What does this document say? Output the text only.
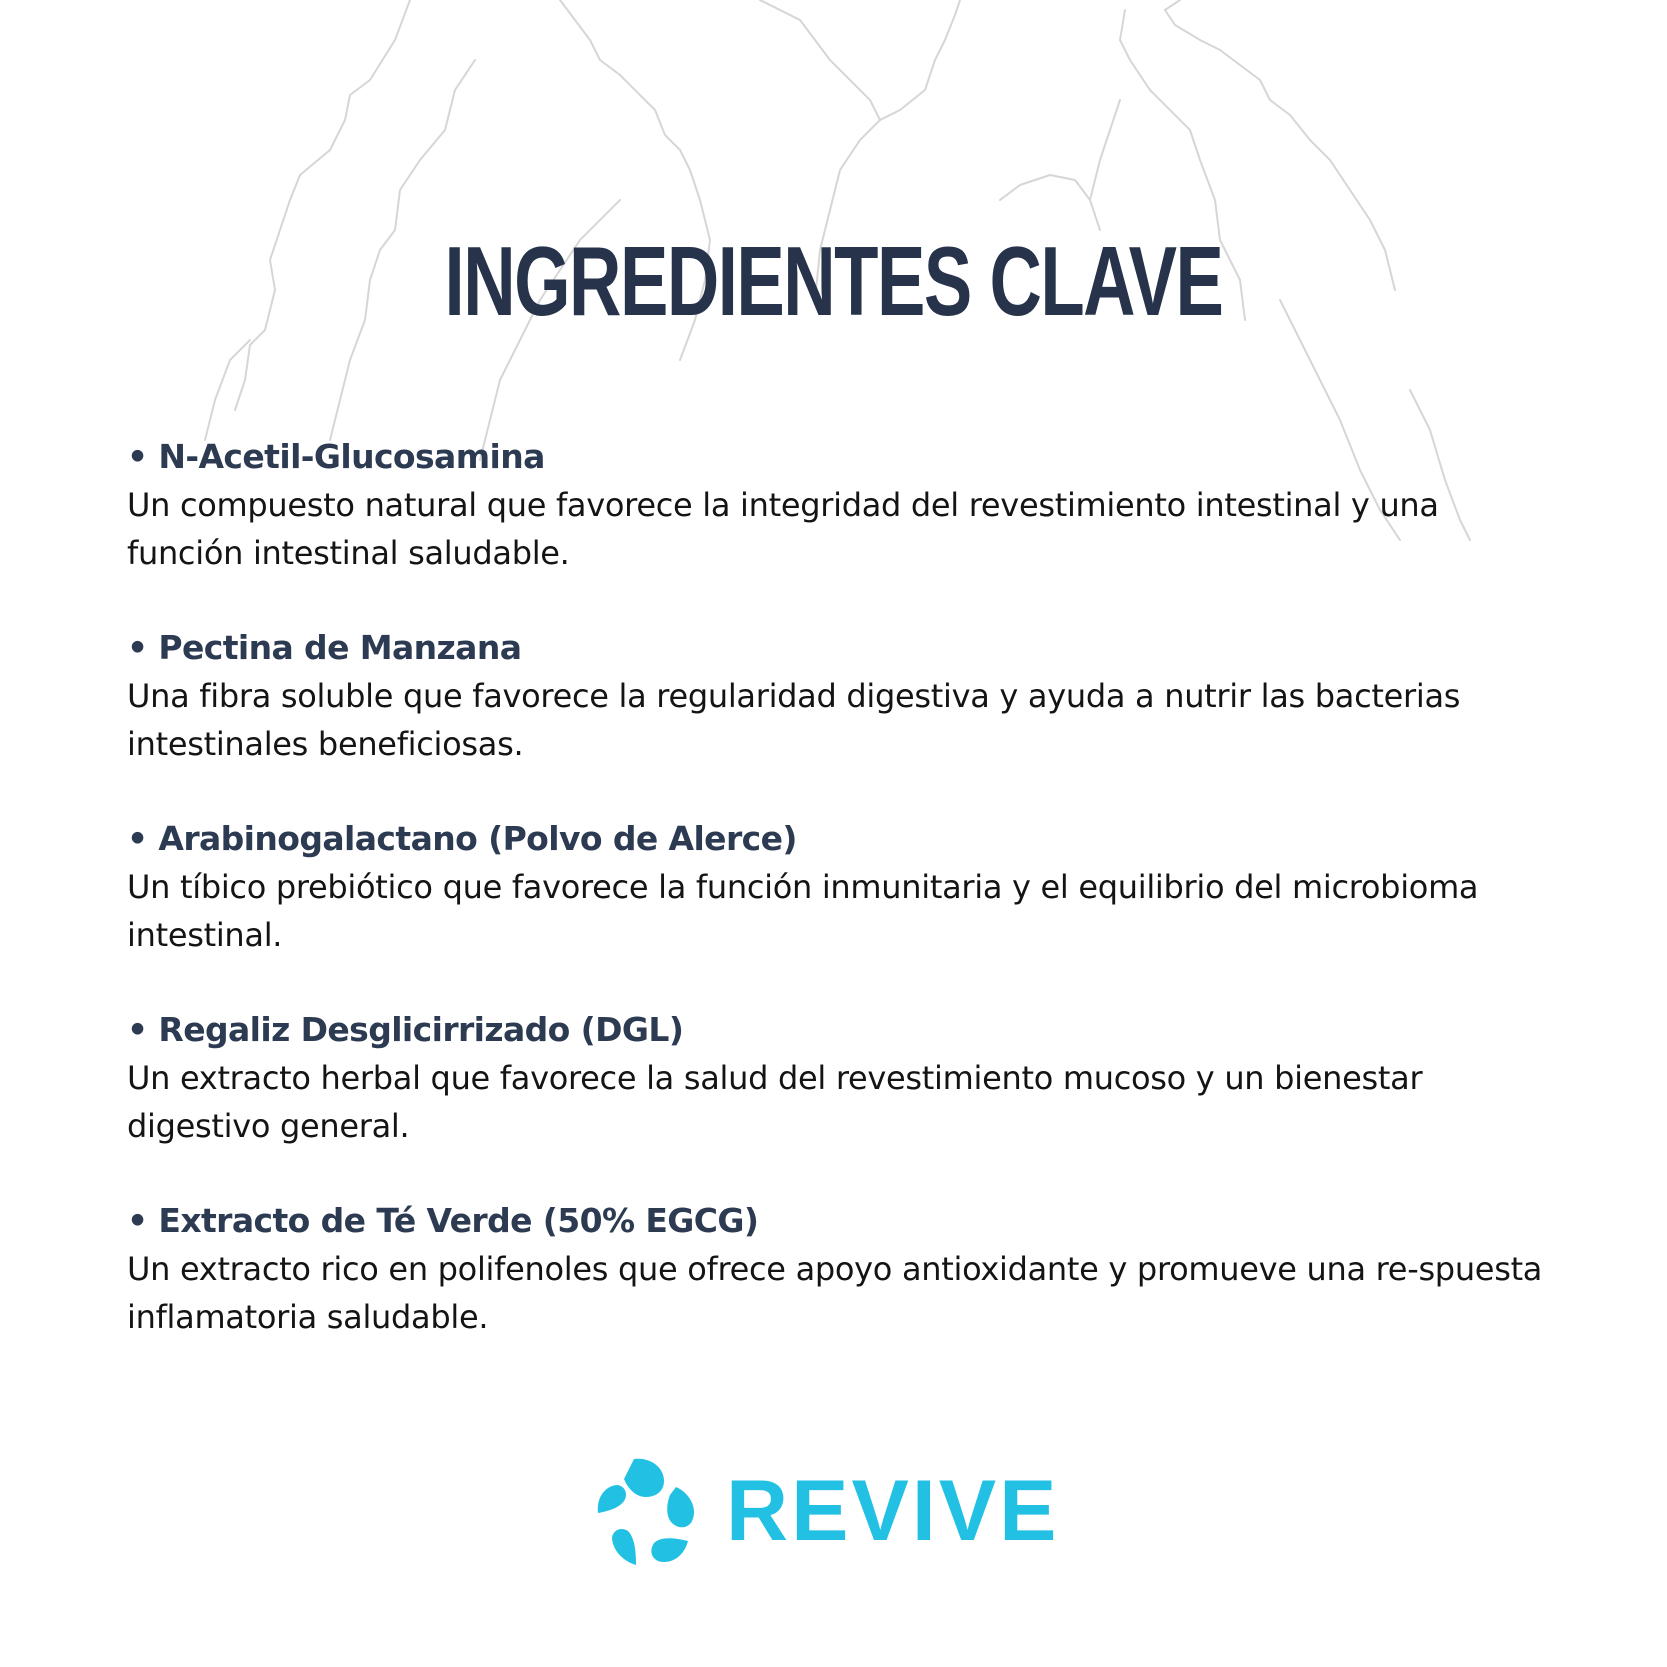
INGREDIENTES CLAVE
• N-Acetil-Glucosamina
Un compuesto natural que favorece la integridad del revestimiento intestinal y una función intestinal saludable.
• Pectina de Manzana
Una fibra soluble que favorece la regularidad digestiva y ayuda a nutrir las bacterias intestinales beneficiosas.
• Arabinogalactano (Polvo de Alerce)
Un tíbico prebiótico que favorece la función inmunitaria y el equilibrio del microbioma intestinal.
• Regaliz Desglicirrizado (DGL)
Un extracto herbal que favorece la salud del revestimiento mucoso y un bienestar digestivo general.
• Extracto de Té Verde (50% EGCG)
Un extracto rico en polifenoles que ofrece apoyo antioxidante y promueve una re-spuesta inflamatoria saludable.
REVIVE
